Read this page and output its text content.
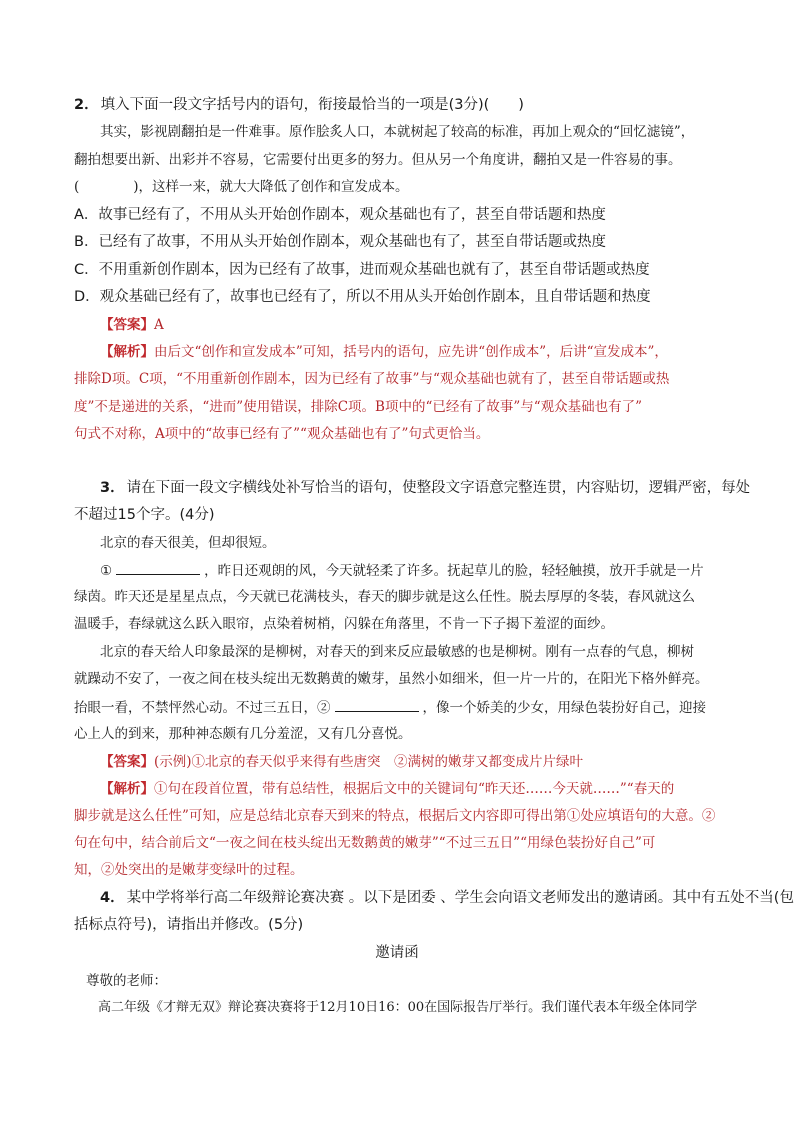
2． 填入下面一段文字括号内的语句，衔接最恰当的一项是(3分)(　　)
其实，影视剧翻拍是一件难事。原作脍炙人口，本就树起了较高的标准，再加上观众的“回忆滤镜”，
翻拍想要出新、出彩并不容易，它需要付出更多的努力。但从另一个角度讲，翻拍又是一件容易的事。
(　　　　)，这样一来，就大大降低了创作和宣发成本。
A．故事已经有了，不用从头开始创作剧本，观众基础也有了，甚至自带话题和热度
B．已经有了故事，不用从头开始创作剧本，观众基础也有了，甚至自带话题或热度
C．不用重新创作剧本，因为已经有了故事，进而观众基础也就有了，甚至自带话题或热度
D．观众基础已经有了，故事也已经有了，所以不用从头开始创作剧本，且自带话题和热度
【答案】A
【解析】由后文“创作和宣发成本”可知，括号内的语句，应先讲“创作成本”，后讲“宣发成本”，
排除D项。C项，“不用重新创作剧本，因为已经有了故事”与“观众基础也就有了，甚至自带话题或热
度”不是递进的关系，“进而”使用错误，排除C项。B项中的“已经有了故事”与“观众基础也有了”
句式不对称，A项中的“故事已经有了”“观众基础也有了”句式更恰当。
3． 请在下面一段文字横线处补写恰当的语句，使整段文字语意完整连贯，内容贴切，逻辑严密，每处
不超过15个字。(4分)
北京的春天很美，但却很短。
①	，昨日还观朗的风，今天就轻柔了许多。抚起草儿的脸，轻轻触摸，放开手就是一片
绿茵。昨天还是星星点点，今天就已花满枝头，春天的脚步就是这么任性。脱去厚厚的冬装，春风就这么
温暖手，春绿就这么跃入眼帘，点染着树梢，闪躲在角落里，不肯一下子揭下羞涩的面纱。
北京的春天给人印象最深的是柳树，对春天的到来反应最敏感的也是柳树。刚有一点春的气息，柳树
就躁动不安了，一夜之间在枝头绽出无数鹅黄的嫩芽，虽然小如细米，但一片一片的，在阳光下格外鲜亮。
抬眼一看，不禁怦然心动。不过三五日，②	，像一个娇美的少女，用绿色装扮好自己，迎接
心上人的到来，那种神态颇有几分羞涩，又有几分喜悦。
【答案】(示例)①北京的春天似乎来得有些唐突　②满树的嫩芽又都变成片片绿叶
【解析】①句在段首位置，带有总结性，根据后文中的关键词句“昨天还……今天就……”“春天的
脚步就是这么任性”可知，应是总结北京春天到来的特点，根据后文内容即可得出第①处应填语句的大意。②
句在句中，结合前后文“一夜之间在枝头绽出无数鹅黄的嫩芽”“不过三五日”“用绿色装扮好自己”可
知，②处突出的是嫩芽变绿叶的过程。
4． 某中学将举行高二年级辩论赛决赛 。以下是团委 、学生会向语文老师发出的邀请函。其中有五处不当(包
括标点符号)，请指出并修改。(5分)
邀请函
尊敬的老师：
高二年级《才辩无双》辩论赛决赛将于12月10日16：00在国际报告厅举行。我们谨代表本年级全体同学
